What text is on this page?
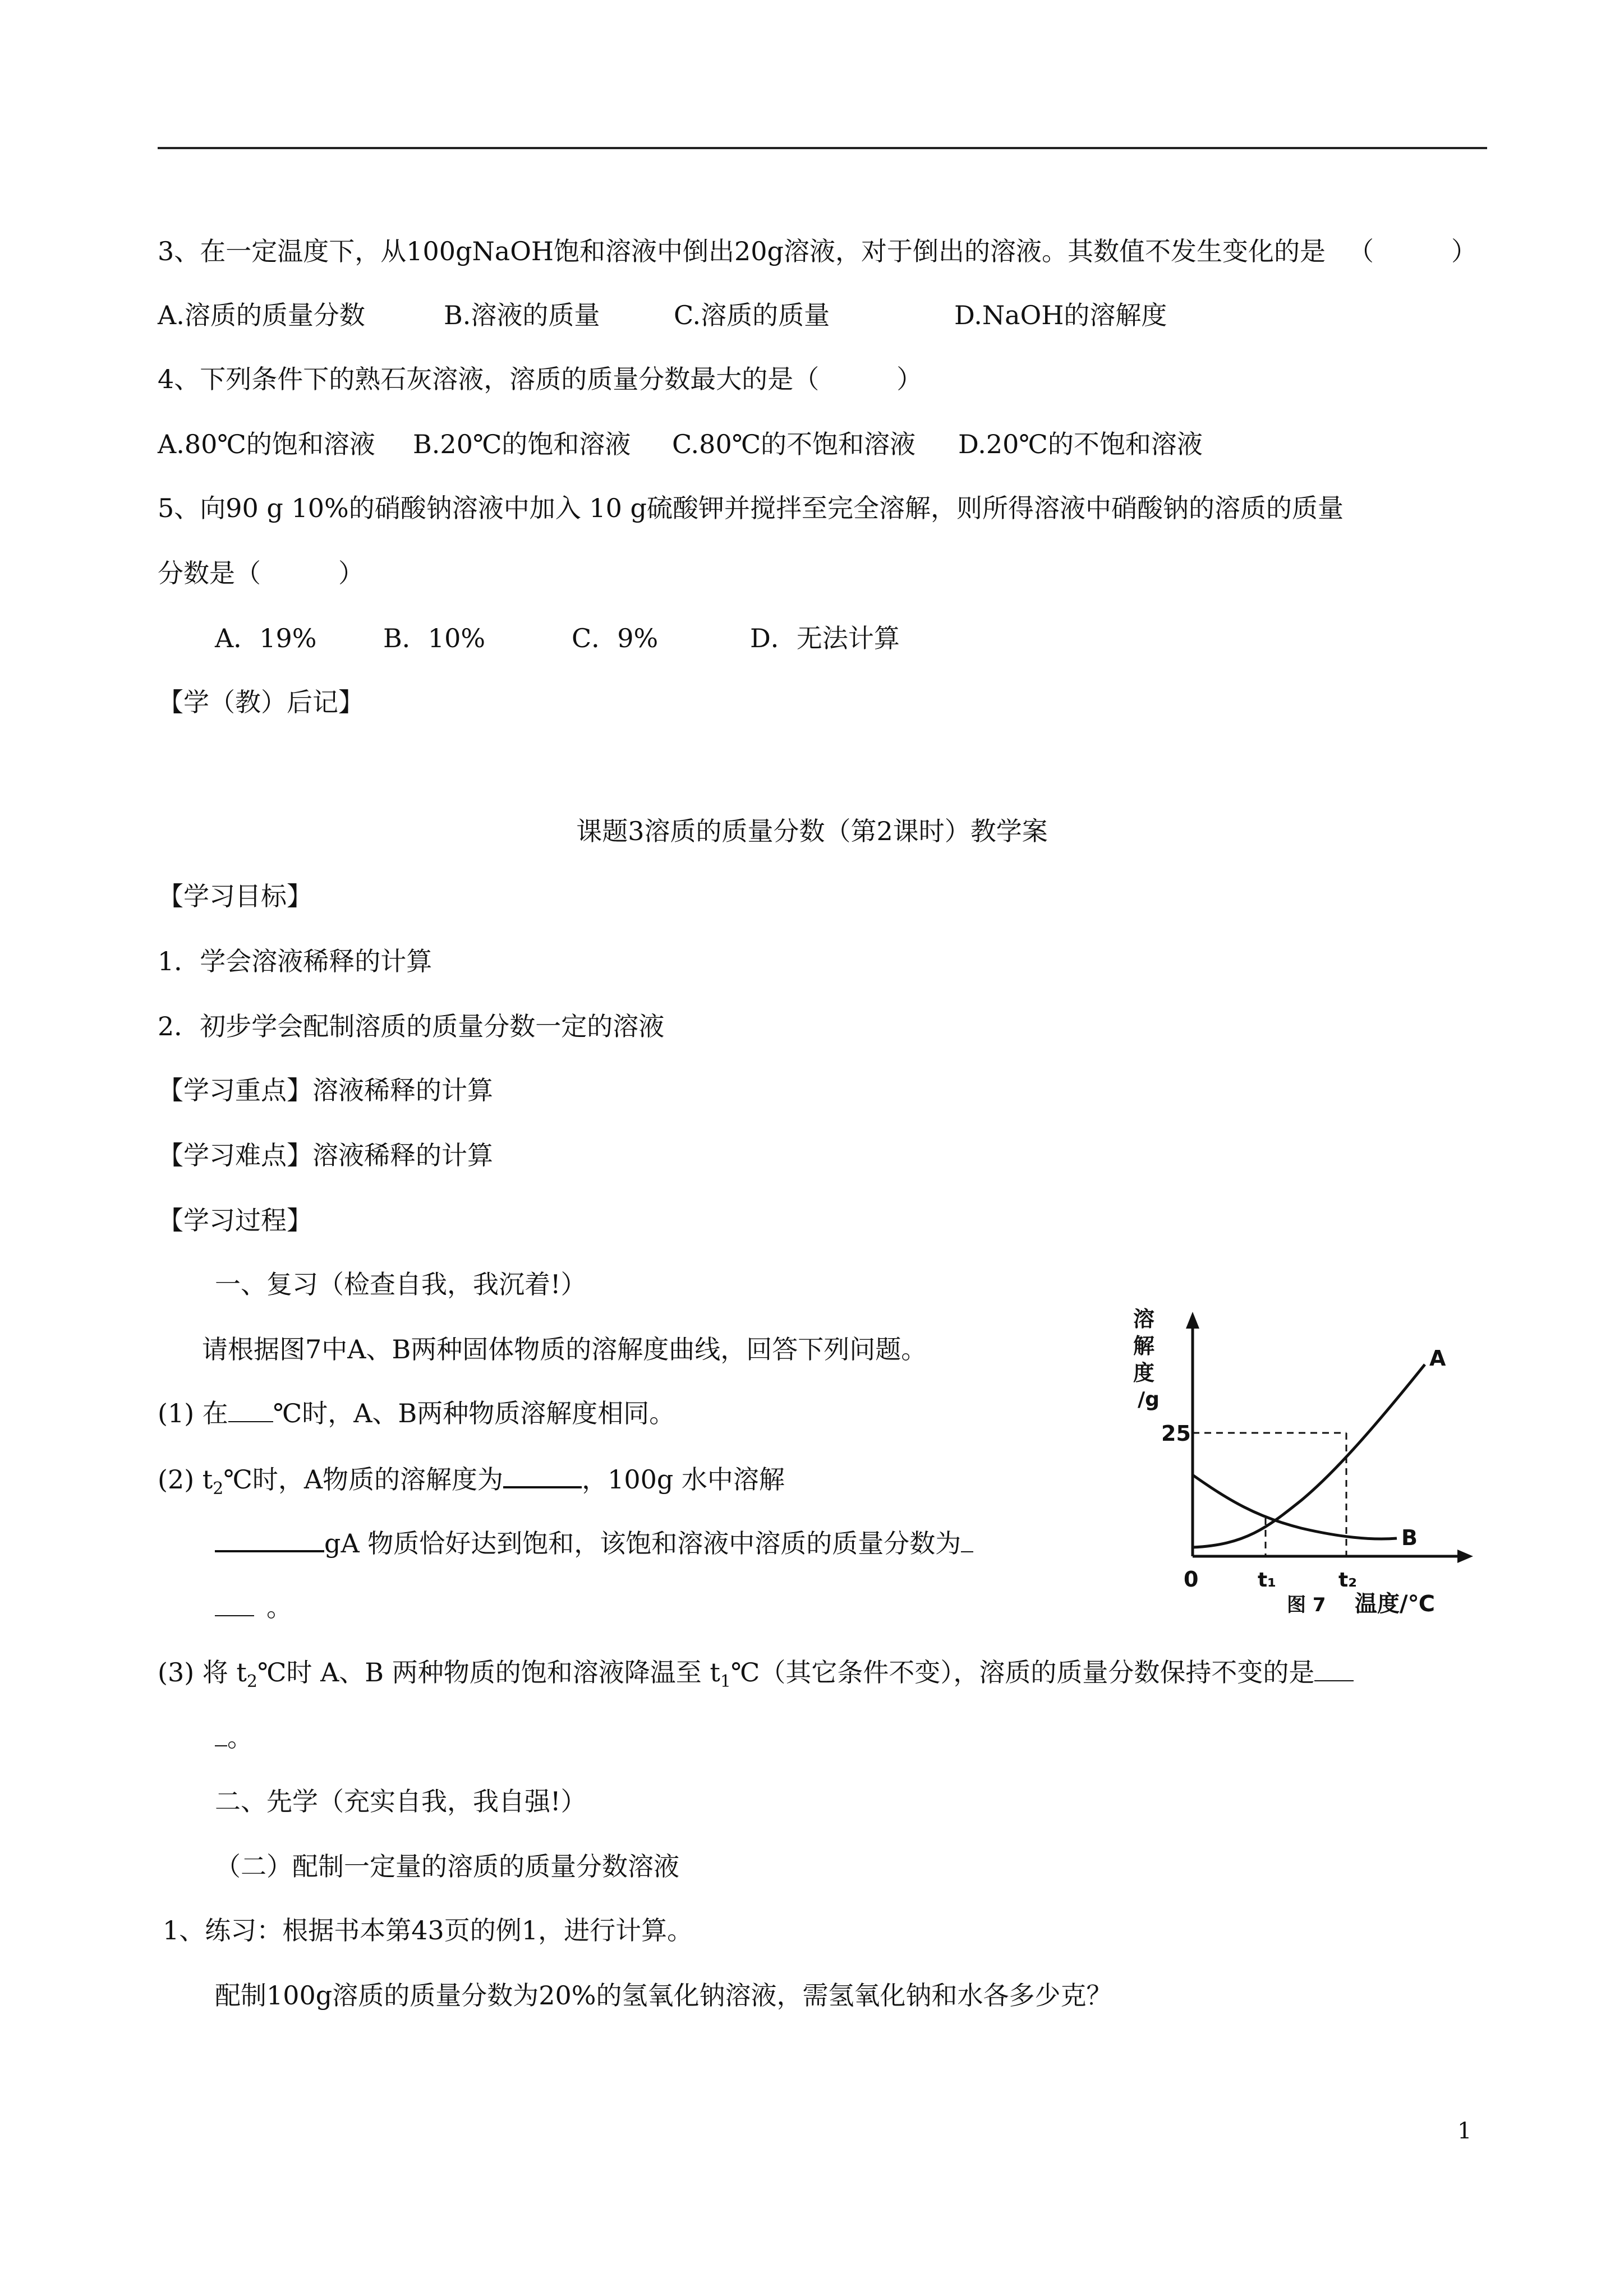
3、在一定温度下，从100gNaOH饱和溶液中倒出20g溶液，对于倒出的溶液。其数值不发生变化的是 （　　　）
A.溶质的质量分数	B.溶液的质量	C.溶质的质量	D.NaOH的溶解度
4、下列条件下的熟石灰溶液，溶质的质量分数最大的是（　　　）
A.80℃的饱和溶液 B.20℃的饱和溶液 C.80℃的不饱和溶液 D.20℃的不饱和溶液
5、向90 g 10%的硝酸钠溶液中加入 10 g硫酸钾并搅拌至完全溶解，则所得溶液中硝酸钠的溶质的质量
分数是（　　　）
A．19%	B．10%	C．9%	D．无法计算
【学（教）后记】
课题3溶质的质量分数（第2课时）教学案
【学习目标】
1．学会溶液稀释的计算
2．初步学会配制溶质的质量分数一定的溶液
【学习重点】溶液稀释的计算
【学习难点】溶液稀释的计算
【学习过程】
一、复习（检查自我，我沉着!）
请根据图7中A、B两种固体物质的溶解度曲线，回答下列问题。
(1) 在 ℃时，A、B两种物质溶解度相同。
(2) $t_2℃$时，A物质的溶解度为	，100g 水中溶解
gA 物质恰好达到饱和，该饱和溶液中溶质的质量分数为
。
(3) 将 $t_2℃$时 A、B 两种物质的饱和溶液降温至 $t_1℃$（其它条件不变），溶质的质量分数保持不变的是
。
二、先学（充实自我，我自强!）
（二）配制一定量的溶质的质量分数溶液
1、练习：根据书本第43页的例1，进行计算。
配制100g溶质的质量分数为20%的氢氧化钠溶液，需氢氧化钠和水各多少克？
溶
解
度
/g
A
B
25
0	t₁	t₂
温度/℃
图 7
1
